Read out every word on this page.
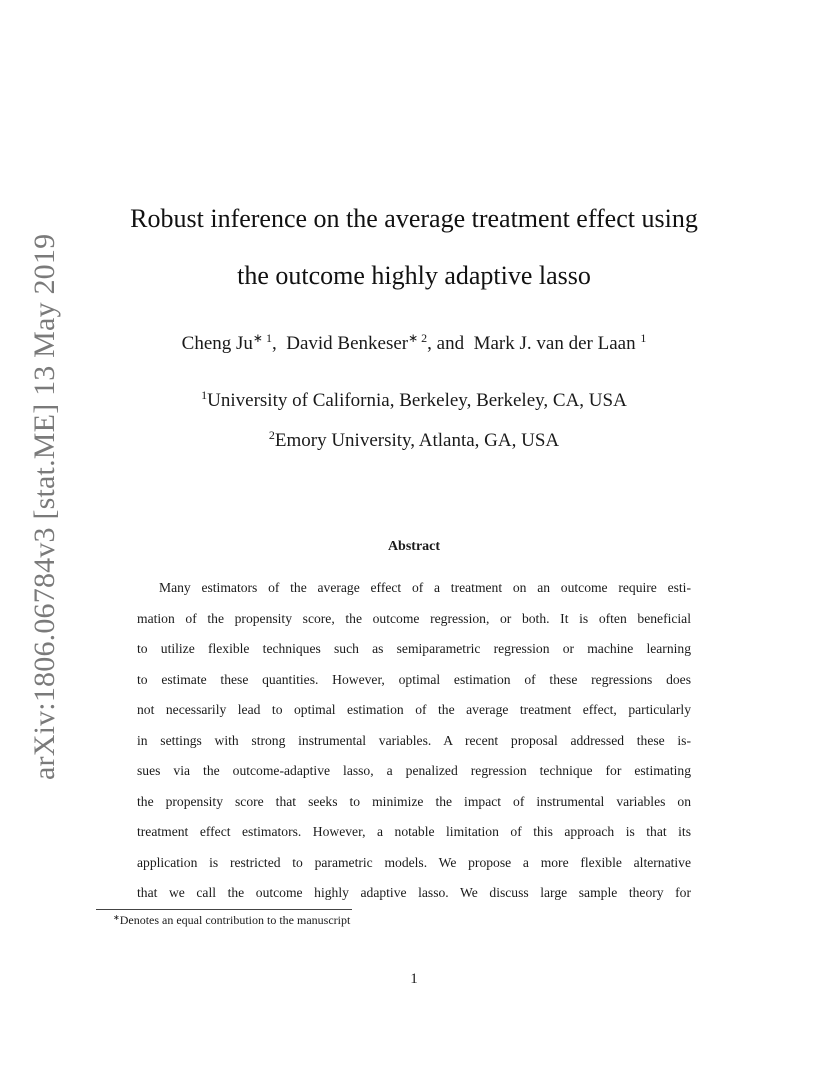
arXiv:1806.06784v3 [stat.ME] 13 May 2019
Robust inference on the average treatment effect using
the outcome highly adaptive lasso
Cheng $Ju^{∗ 1}$,  David Benkeser$^{∗ 2}$, and  Mark J. van der Laan $^1$
$^1$University of California, Berkeley, Berkeley, CA, USA
$^2$Emory University, Atlanta, GA, USA
Abstract
Many estimators of the average effect of a treatment on an outcome require esti-
mation of the propensity score, the outcome regression, or both. It is often beneficial
to utilize flexible techniques such as semiparametric regression or machine learning
to estimate these quantities. However, optimal estimation of these regressions does
not necessarily lead to optimal estimation of the average treatment effect, particularly
in settings with strong instrumental variables. A recent proposal addressed these is-
sues via the outcome-adaptive lasso, a penalized regression technique for estimating
the propensity score that seeks to minimize the impact of instrumental variables on
treatment effect estimators. However, a notable limitation of this approach is that its
application is restricted to parametric models. We propose a more flexible alternative
that we call the outcome highly adaptive lasso. We discuss large sample theory for
∗Denotes an equal contribution to the manuscript
1
